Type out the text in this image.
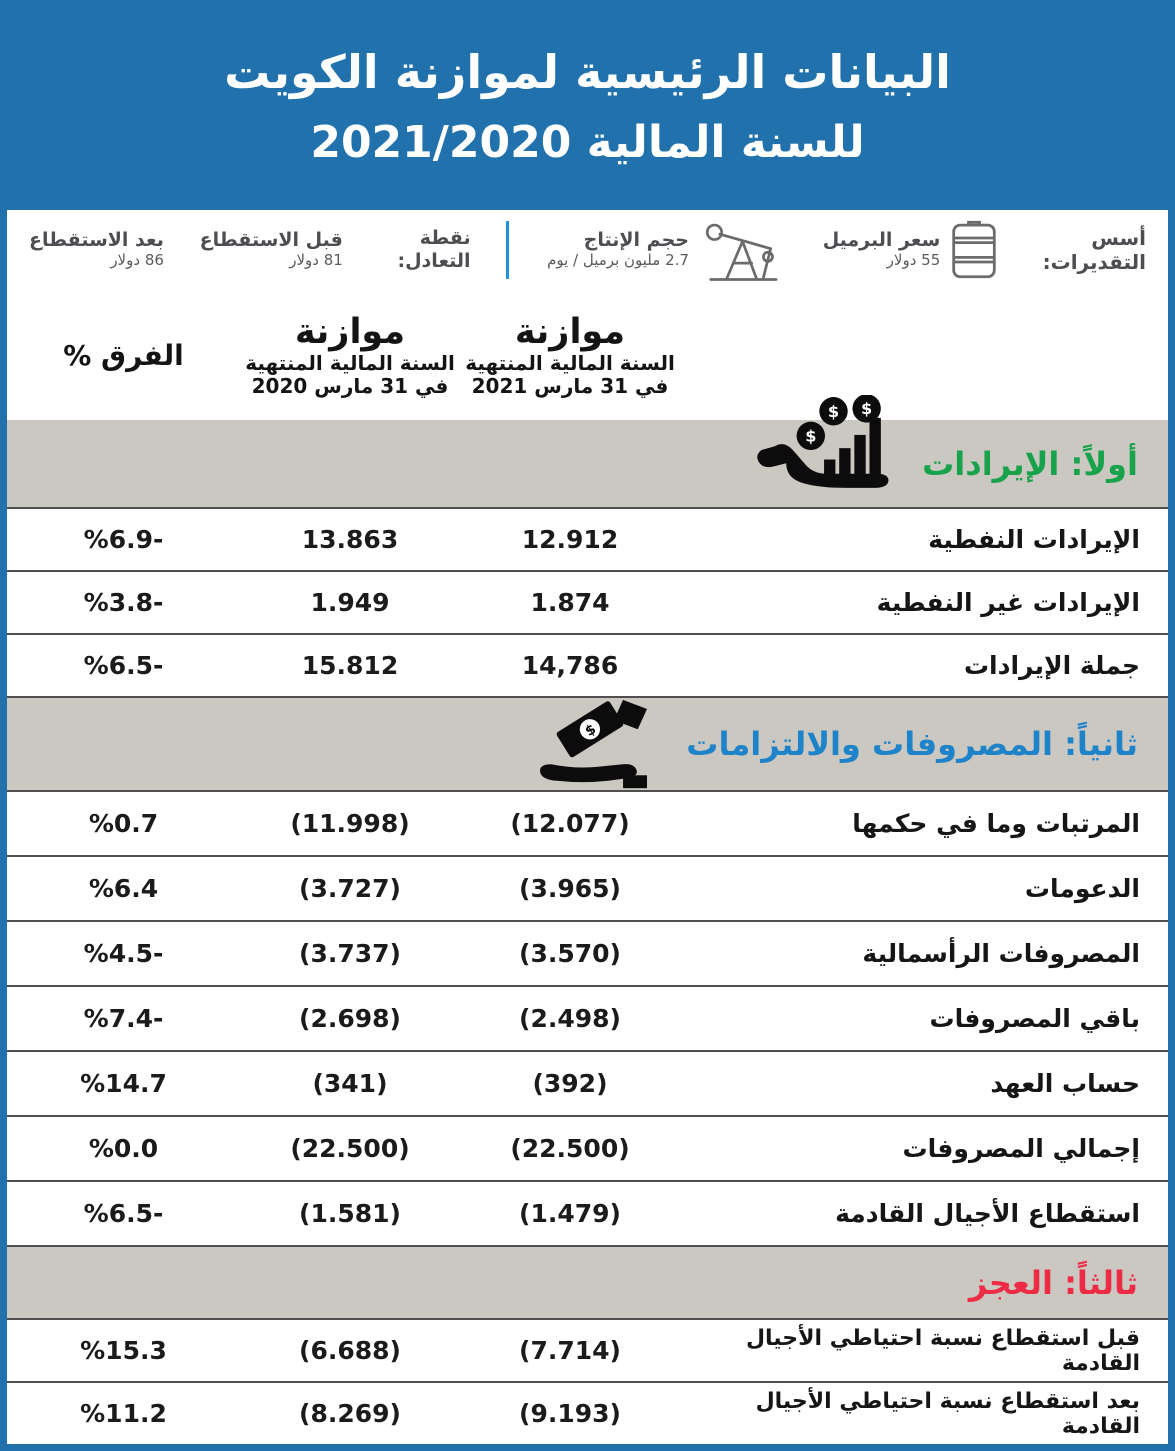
البيانات الرئيسية لموازنة الكويت
للسنة المالية 2021/2020
أسس التقديرات:
سعر البرميل
55 دولار
حجم الإنتاج
2.7 مليون برميل / يوم
نقطة التعادل:
قبل الاستقطاع
81 دولار
بعد الاستقطاع
86 دولار
موازنة
السنة المالية المنتهية
في 31 مارس 2021
موازنة
السنة المالية المنتهية
في 31 مارس 2020
الفرق %
أولاً: الإيرادات
$ $
$
الإيرادات النفطية
12.912
13.863
%6.9-
الإيرادات غير النفطية
1.874
1.949
%3.8-
جملة الإيرادات
14,786
15.812
%6.5-
ثانياً: المصروفات والالتزامات
$
المرتبات وما في حكمها
(12.077)
(11.998)
%0.7
الدعومات
(3.965)
(3.727)
%6.4
المصروفات الرأسمالية
(3.570)
(3.737)
%4.5-
باقي المصروفات
(2.498)
(2.698)
%7.4-
حساب العهد
(392)
(341)
%14.7
إجمالي المصروفات
(22.500)
(22.500)
%0.0
استقطاع الأجيال القادمة
(1.479)
(1.581)
%6.5-
ثالثاً: العجز
قبل استقطاع نسبة احتياطي الأجيال القادمة
(7.714)
(6.688)
%15.3
بعد استقطاع نسبة احتياطي الأجيال القادمة
(9.193)
(8.269)
%11.2
